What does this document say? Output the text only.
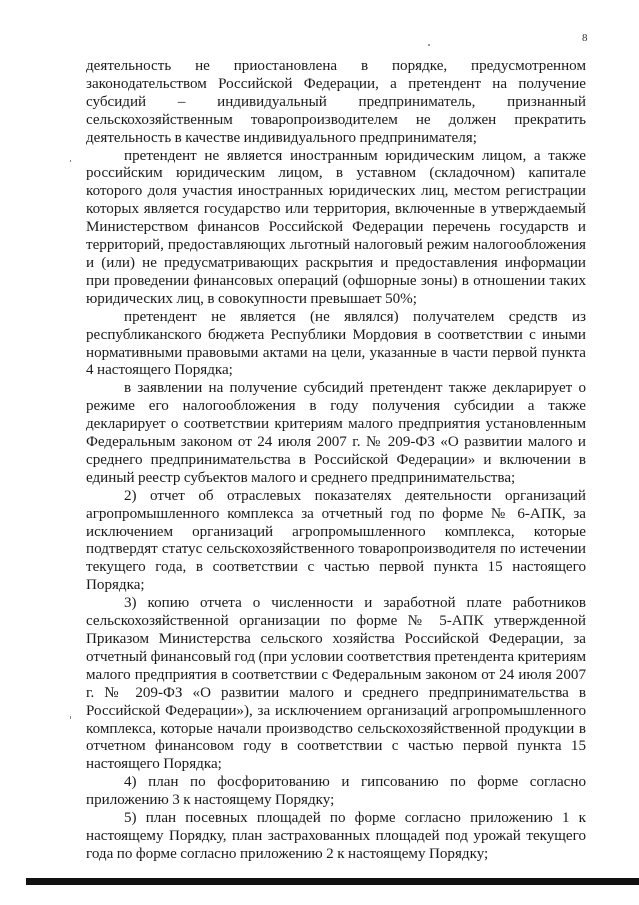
8

деятельность не приостановлена в порядке, предусмотренном законодательством Российской Федерации, а претендент на получение субсидий – индивидуальный предприниматель, признанный сельскохозяйственным товаропроизводителем не должен прекратить деятельность в качестве индивидуального предпринимателя;

претендент не является иностранным юридическим лицом, а также российским юридическим лицом, в уставном (складочном) капитале которого доля участия иностранных юридических лиц, местом регистрации которых является государство или территория, включенные в утверждаемый Министерством финансов Российской Федерации перечень государств и территорий, предоставляющих льготный налоговый режим налогообложения и (или) не предусматривающих раскрытия и предоставления информации при проведении финансовых операций (офшорные зоны) в отношении таких юридических лиц, в совокупности превышает 50%;

претендент не является (не являлся) получателем средств из республиканского бюджета Республики Мордовия в соответствии с иными нормативными правовыми актами на цели, указанные в части первой пункта 4 настоящего Порядка;

в заявлении на получение субсидий претендент также декларирует о режиме его налогообложения в году получения субсидии а также декларирует о соответствии критериям малого предприятия установленным Федеральным законом от 24 июля 2007 г. № 209-ФЗ «О развитии малого и среднего предпринимательства в Российской Федерации» и включении в единый реестр субъектов малого и среднего предпринимательства;

2) отчет об отраслевых показателях деятельности организаций агропромышленного комплекса за отчетный год по форме № 6-АПК, за исключением организаций агропромышленного комплекса, которые подтвердят статус сельскохозяйственного товаропроизводителя по истечении текущего года, в соответствии с частью первой пункта 15 настоящего Порядка;

3) копию отчета о численности и заработной плате работников сельскохозяйственной организации по форме № 5-АПК утвержденной Приказом Министерства сельского хозяйства Российской Федерации, за отчетный финансовый год (при условии соответствия претендента критериям малого предприятия в соответствии с Федеральным законом от 24 июля 2007 г. № 209-ФЗ «О развитии малого и среднего предпринимательства в Российской Федерации»), за исключением организаций агропромышленного комплекса, которые начали производство сельскохозяйственной продукции в отчетном финансовом году в соответствии с частью первой пункта 15 настоящего Порядка;

4) план по фосфоритованию и гипсованию по форме согласно приложению 3 к настоящему Порядку;

5) план посевных площадей по форме согласно приложению 1 к настоящему Порядку, план застрахованных площадей под урожай текущего года по форме согласно приложению 2 к настоящему Порядку;
